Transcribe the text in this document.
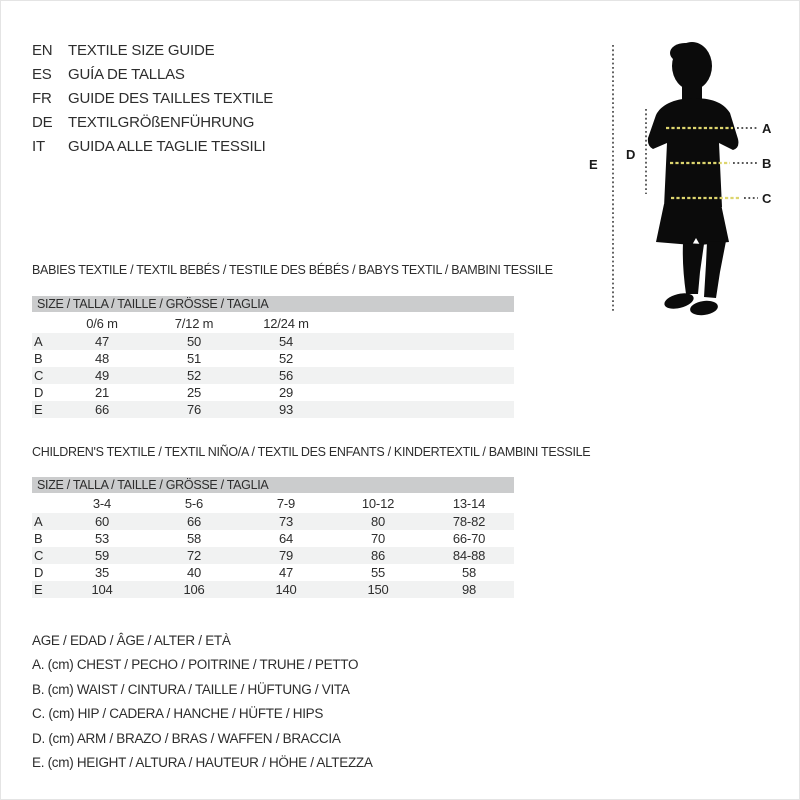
EN TEXTILE SIZE GUIDE
ES GUÍA DE TALLAS
FR GUIDE DES TAILLES TEXTILE
DE TEXTILGRÖßENFÜHRUNG
IT GUIDA ALLE TAGLIE TESSILI
E
D
A
B
C
BABIES TEXTILE / TEXTIL BEBÉS / TESTILE DES BÉBÉS / BABYS TEXTIL / BAMBINI TESSILE
SIZE / TALLA / TAILLE / GRÖSSE / TAGLIA
	0/6 m	7/12 m	12/24 m	
A	47	50	54	
B	48	51	52	
C	49	52	56	
D	21	25	29	
E	66	76	93	
CHILDREN'S TEXTILE / TEXTIL NIÑO/A / TEXTIL DES ENFANTS / KINDERTEXTIL / BAMBINI TESSILE
SIZE / TALLA / TAILLE / GRÖSSE / TAGLIA
	3-4	5-6	7-9	10-12	13-14
A	60	66	73	80	78-82
B	53	58	64	70	66-70
C	59	72	79	86	84-88
D	35	40	47	55	58
E	104	106	140	150	98
AGE / EDAD / ÂGE / ALTER / ETÀ
A. (cm) CHEST / PECHO / POITRINE / TRUHE / PETTO
B. (cm) WAIST / CINTURA / TAILLE / HÜFTUNG / VITA
C. (cm) HIP / CADERA / HANCHE / HÜFTE / HIPS
D. (cm) ARM / BRAZO / BRAS / WAFFEN / BRACCIA
E. (cm) HEIGHT / ALTURA / HAUTEUR / HÖHE / ALTEZZA
